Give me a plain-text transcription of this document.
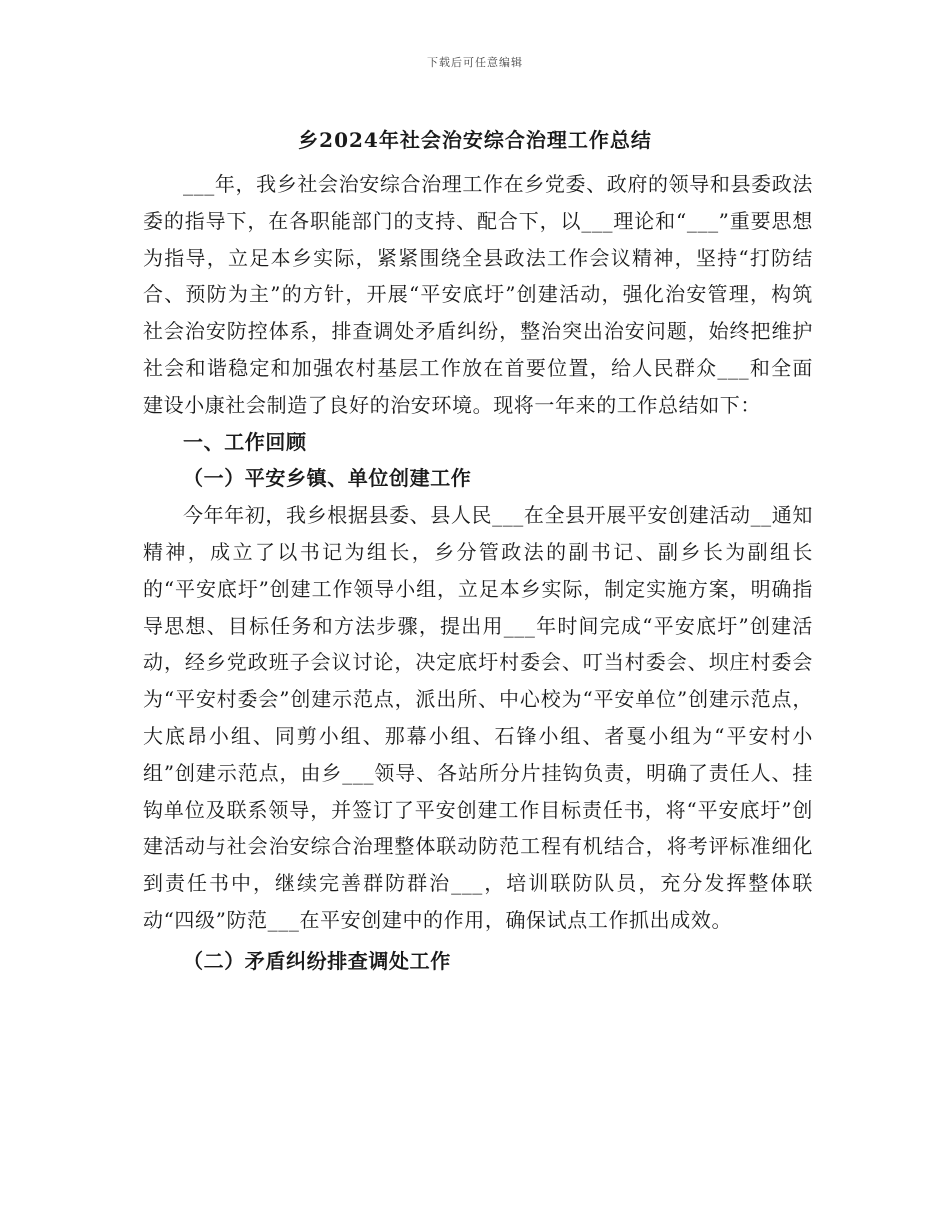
下载后可任意编辑
乡2024年社会治安综合治理工作总结

___年，我乡社会治安综合治理工作在乡党委、政府的领导和县委政法委的指导下，在各职能部门的支持、配合下，以___理论和“___”重要思想为指导，立足本乡实际，紧紧围绕全县政法工作会议精神，坚持“打防结合、预防为主”的方针，开展“平安底圩”创建活动，强化治安管理，构筑社会治安防控体系，排查调处矛盾纠纷，整治突出治安问题，始终把维护社会和谐稳定和加强农村基层工作放在首要位置，给人民群众___和全面建设小康社会制造了良好的治安环境。现将一年来的工作总结如下：

一、工作回顾
（一）平安乡镇、单位创建工作

今年年初，我乡根据县委、县人民___在全县开展平安创建活动__通知精神，成立了以书记为组长，乡分管政法的副书记、副乡长为副组长的“平安底圩”创建工作领导小组，立足本乡实际，制定实施方案，明确指导思想、目标任务和方法步骤，提出用___年时间完成“平安底圩”创建活动，经乡党政班子会议讨论，决定底圩村委会、叮当村委会、坝庄村委会为“平安村委会”创建示范点，派出所、中心校为“平安单位”创建示范点，大底昂小组、同剪小组、那幕小组、石锋小组、者戛小组为“平安村小组”创建示范点，由乡___领导、各站所分片挂钩负责，明确了责任人、挂钩单位及联系领导，并签订了平安创建工作目标责任书，将“平安底圩”创建活动与社会治安综合治理整体联动防范工程有机结合，将考评标准细化到责任书中，继续完善群防群治___，培训联防队员，充分发挥整体联动“四级”防范___在平安创建中的作用，确保试点工作抓出成效。

（二）矛盾纠纷排查调处工作
